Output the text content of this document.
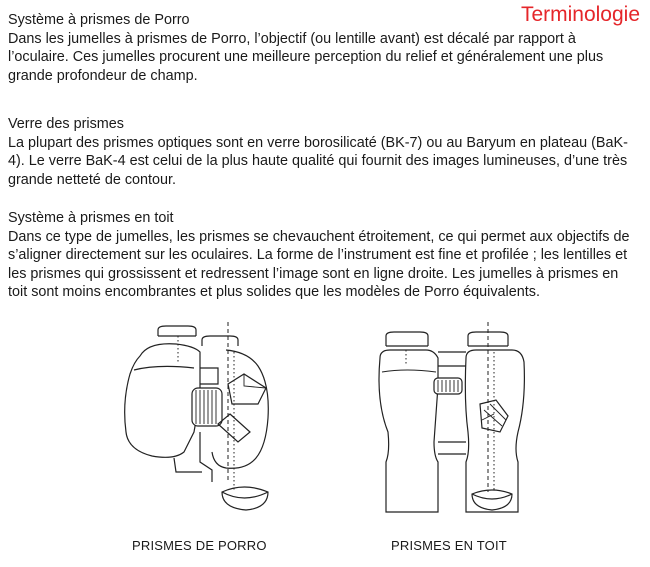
Terminologie
Système à prismes de Porro

Dans les jumelles à prismes de Porro, l’objectif (ou lentille avant) est décalé par rapport à l’oculaire. Ces jumelles procurent une meilleure perception du relief et généralement une plus grande profondeur de champ.

Verre des prismes

La plupart des prismes optiques sont en verre borosilicaté (BK-7) ou au Baryum en plateau (BaK-4). Le verre BaK-4 est celui de la plus haute qualité qui fournit des images lumineuses, d’une très grande netteté de contour.

Système à prismes en toit

Dans ce type de jumelles, les prismes se chevauchent étroitement, ce qui permet aux objectifs de s’aligner directement sur les oculaires. La forme de l’instrument est fine et profilée ; les lentilles et les prismes qui grossissent et redressent l’image sont en ligne droite. Les jumelles à prismes en toit sont moins encombrantes et plus solides que les modèles de Porro équivalents.

PRISMES DE PORRO	PRISMES EN TOIT
